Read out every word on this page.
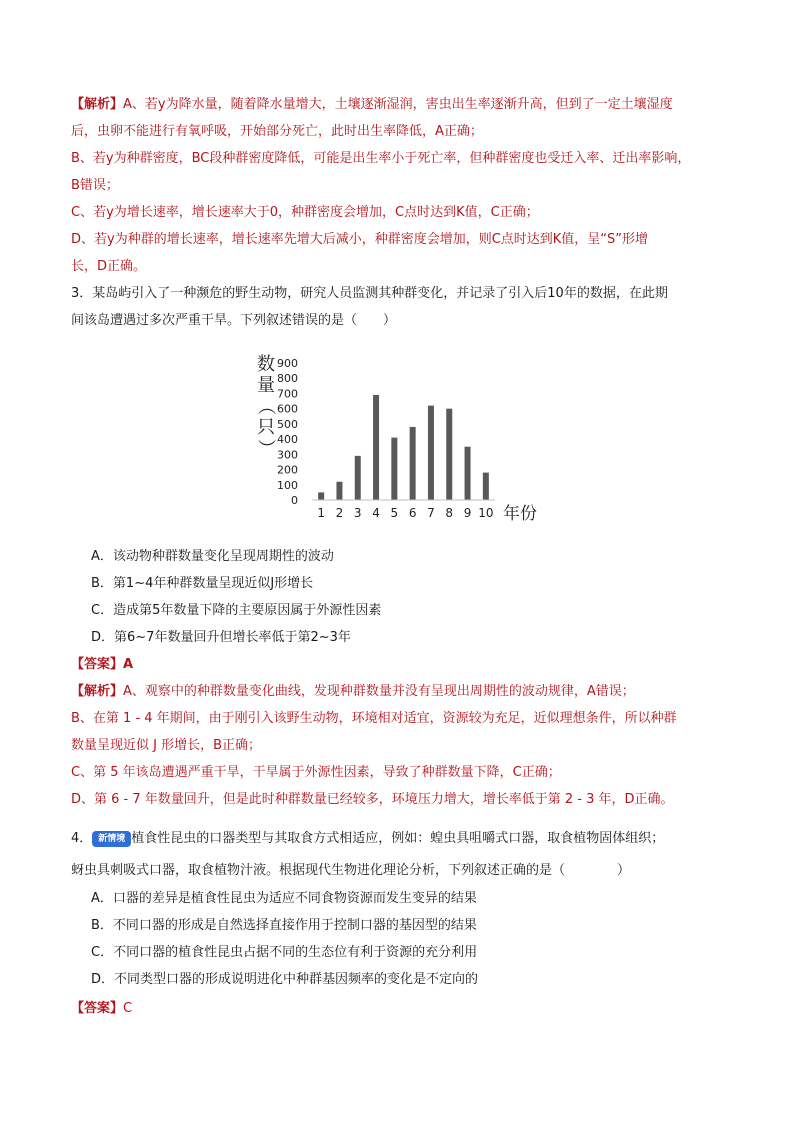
【解析】A、若y为降水量，随着降水量增大，土壤逐渐湿润，害虫出生率逐渐升高，但到了一定土壤湿度
后，虫卵不能进行有氧呼吸，开始部分死亡，此时出生率降低，A正确；
B、若y为种群密度，BC段种群密度降低，可能是出生率小于死亡率，但种群密度也受迁入率、迁出率影响，
B错误；
C、若y为增长速率，增长速率大于0，种群密度会增加，C点时达到K值，C正确；
D、若y为种群的增长速率，增长速率先增大后减小，种群密度会增加，则C点时达到K值，呈“S”形增
长，D正确。
3．某岛屿引入了一种濒危的野生动物，研究人员监测其种群变化，并记录了引入后10年的数据，在此期
间该岛遭遇过多次严重干旱。下列叙述错误的是（　　）
数
量
（
只
）
0
100
200
300
400
500
600
700
800
900
1 2 3 4 5 6 7 8 9 10 年份
A．该动物种群数量变化呈现周期性的波动
B．第1~4年种群数量呈现近似J形增长
C．造成第5年数量下降的主要原因属于外源性因素
D．第6~7年数量回升但增长率低于第2~3年
【答案】A
【解析】A、观察中的种群数量变化曲线，发现种群数量并没有呈现出周期性的波动规律，A错误；
B、在第 1 - 4 年期间，由于刚引入该野生动物，环境相对适宜，资源较为充足，近似理想条件，所以种群
数量呈现近似 J 形增长，B正确；
C、第 5 年该岛遭遇严重干旱，干旱属于外源性因素，导致了种群数量下降，C正确；
D、第 6 - 7 年数量回升，但是此时种群数量已经较多，环境压力增大，增长率低于第 2 - 3 年，D正确。
4． 新情境 植食性昆虫的口器类型与其取食方式相适应，例如：蝗虫具咀嚼式口器，取食植物固体组织；
蚜虫具刺吸式口器，取食植物汁液。根据现代生物进化理论分析，下列叙述正确的是（　　　　）
A．口器的差异是植食性昆虫为适应不同食物资源而发生变异的结果
B．不同口器的形成是自然选择直接作用于控制口器的基因型的结果
C．不同口器的植食性昆虫占据不同的生态位有利于资源的充分利用
D．不同类型口器的形成说明进化中种群基因频率的变化是不定向的
【答案】C
